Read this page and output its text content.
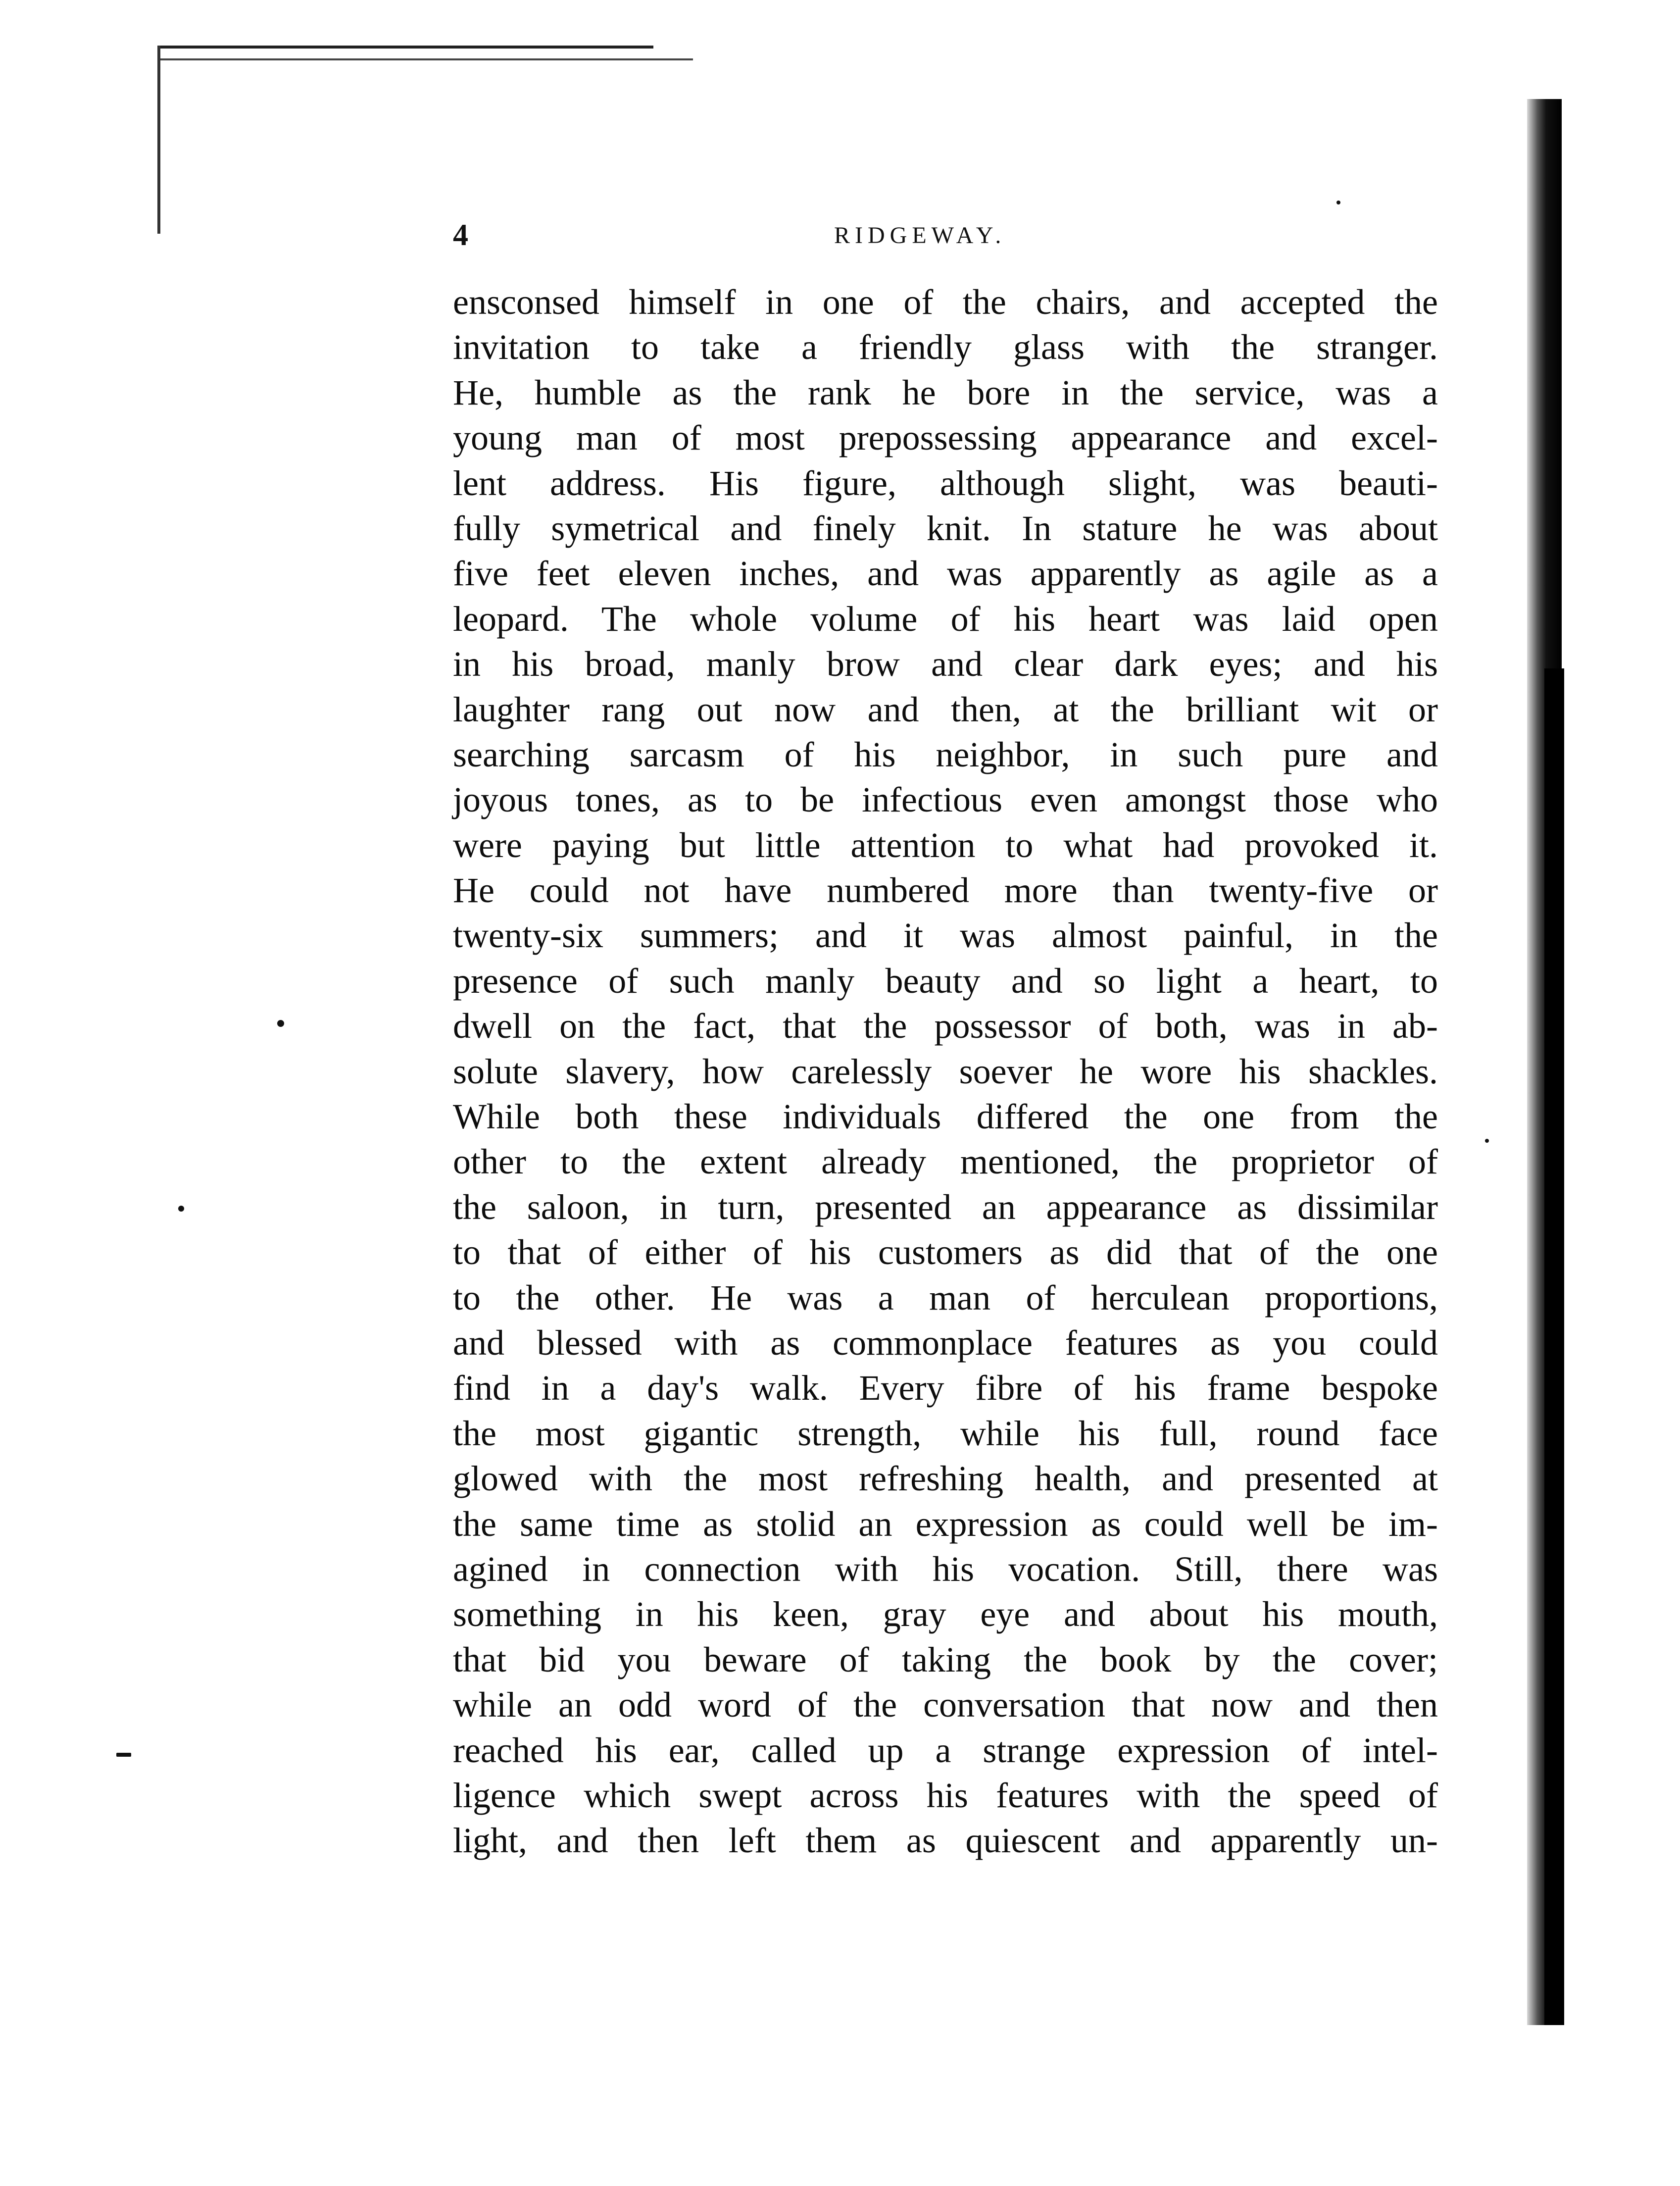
4	RIDGEWAY.
ensconsed himself in one of the chairs, and accepted the
invitation to take a friendly glass with the stranger.
He, humble as the rank he bore in the service, was a
young man of most prepossessing appearance and excel-
lent address. His figure, although slight, was beauti-
fully symetrical and finely knit. In stature he was about
five feet eleven inches, and was apparently as agile as a
leopard. The whole volume of his heart was laid open
in his broad, manly brow and clear dark eyes; and his
laughter rang out now and then, at the brilliant wit or
searching sarcasm of his neighbor, in such pure and
joyous tones, as to be infectious even amongst those who
were paying but little attention to what had provoked it.
He could not have numbered more than twenty-five or
twenty-six summers; and it was almost painful, in the
presence of such manly beauty and so light a heart, to
dwell on the fact, that the possessor of both, was in ab-
solute slavery, how carelessly soever he wore his shackles.
While both these individuals differed the one from the
other to the extent already mentioned, the proprietor of
the saloon, in turn, presented an appearance as dissimilar
to that of either of his customers as did that of the one
to the other. He was a man of herculean proportions,
and blessed with as commonplace features as you could
find in a day's walk. Every fibre of his frame bespoke
the most gigantic strength, while his full, round face
glowed with the most refreshing health, and presented at
the same time as stolid an expression as could well be im-
agined in connection with his vocation. Still, there was
something in his keen, gray eye and about his mouth,
that bid you beware of taking the book by the cover;
while an odd word of the conversation that now and then
reached his ear, called up a strange expression of intel-
ligence which swept across his features with the speed of
light, and then left them as quiescent and apparently un-
